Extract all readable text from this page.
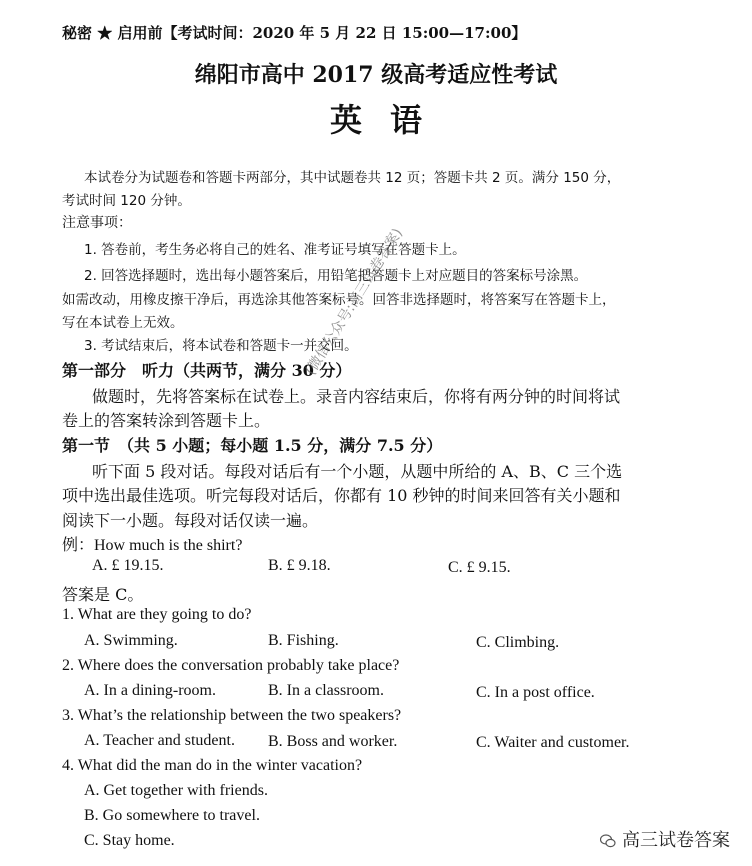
秘密 ★ 启用前【考试时间：2020 年 5 月 22 日 15:00—17:00】
绵阳市高中 2017 级高考适应性考试
英语
本试卷分为试题卷和答题卡两部分，其中试题卷共 12 页；答题卡共 2 页。满分 150 分，
考试时间 120 分钟。
注意事项：
1. 答卷前，考生务必将自己的姓名、准考证号填写在答题卡上。
2. 回答选择题时，选出每小题答案后，用铅笔把答题卡上对应题目的答案标号涂黑。
如需改动，用橡皮擦干净后，再选涂其他答案标号。回答非选择题时，将答案写在答题卡上，
写在本试卷上无效。
3. 考试结束后，将本试卷和答题卡一并交回。
第一部分　听力（共两节，满分 30 分）
做题时，先将答案标在试卷上。录音内容结束后，你将有两分钟的时间将试
卷上的答案转涂到答题卡上。
第一节　（共 5 小题；每小题 1.5 分，满分 7.5 分）
听下面 5 段对话。每段对话后有一个小题，从题中所给的 A、B、C 三个选
项中选出最佳选项。听完每段对话后，你都有 10 秒钟的时间来回答有关小题和
阅读下一小题。每段对话仅读一遍。
例：How much is the shirt?
A. £ 19.15.	B. £ 9.18.	C. £ 9.15.
答案是 C。
1. What are they going to do?
A. Swimming.	B. Fishing.	C. Climbing.
2. Where does the conversation probably take place?
A. In a dining-room.	B. In a classroom.	C. In a post office.
3. What’s the relationship between the two speakers?
A. Teacher and student. B. Boss and worker.	C. Waiter and customer.
4. What did the man do in the winter vacation?
A. Get together with friends.
B. Go somewhere to travel.
C. Stay home.
(微信公众号:高三试卷答案)
高三试卷答案
